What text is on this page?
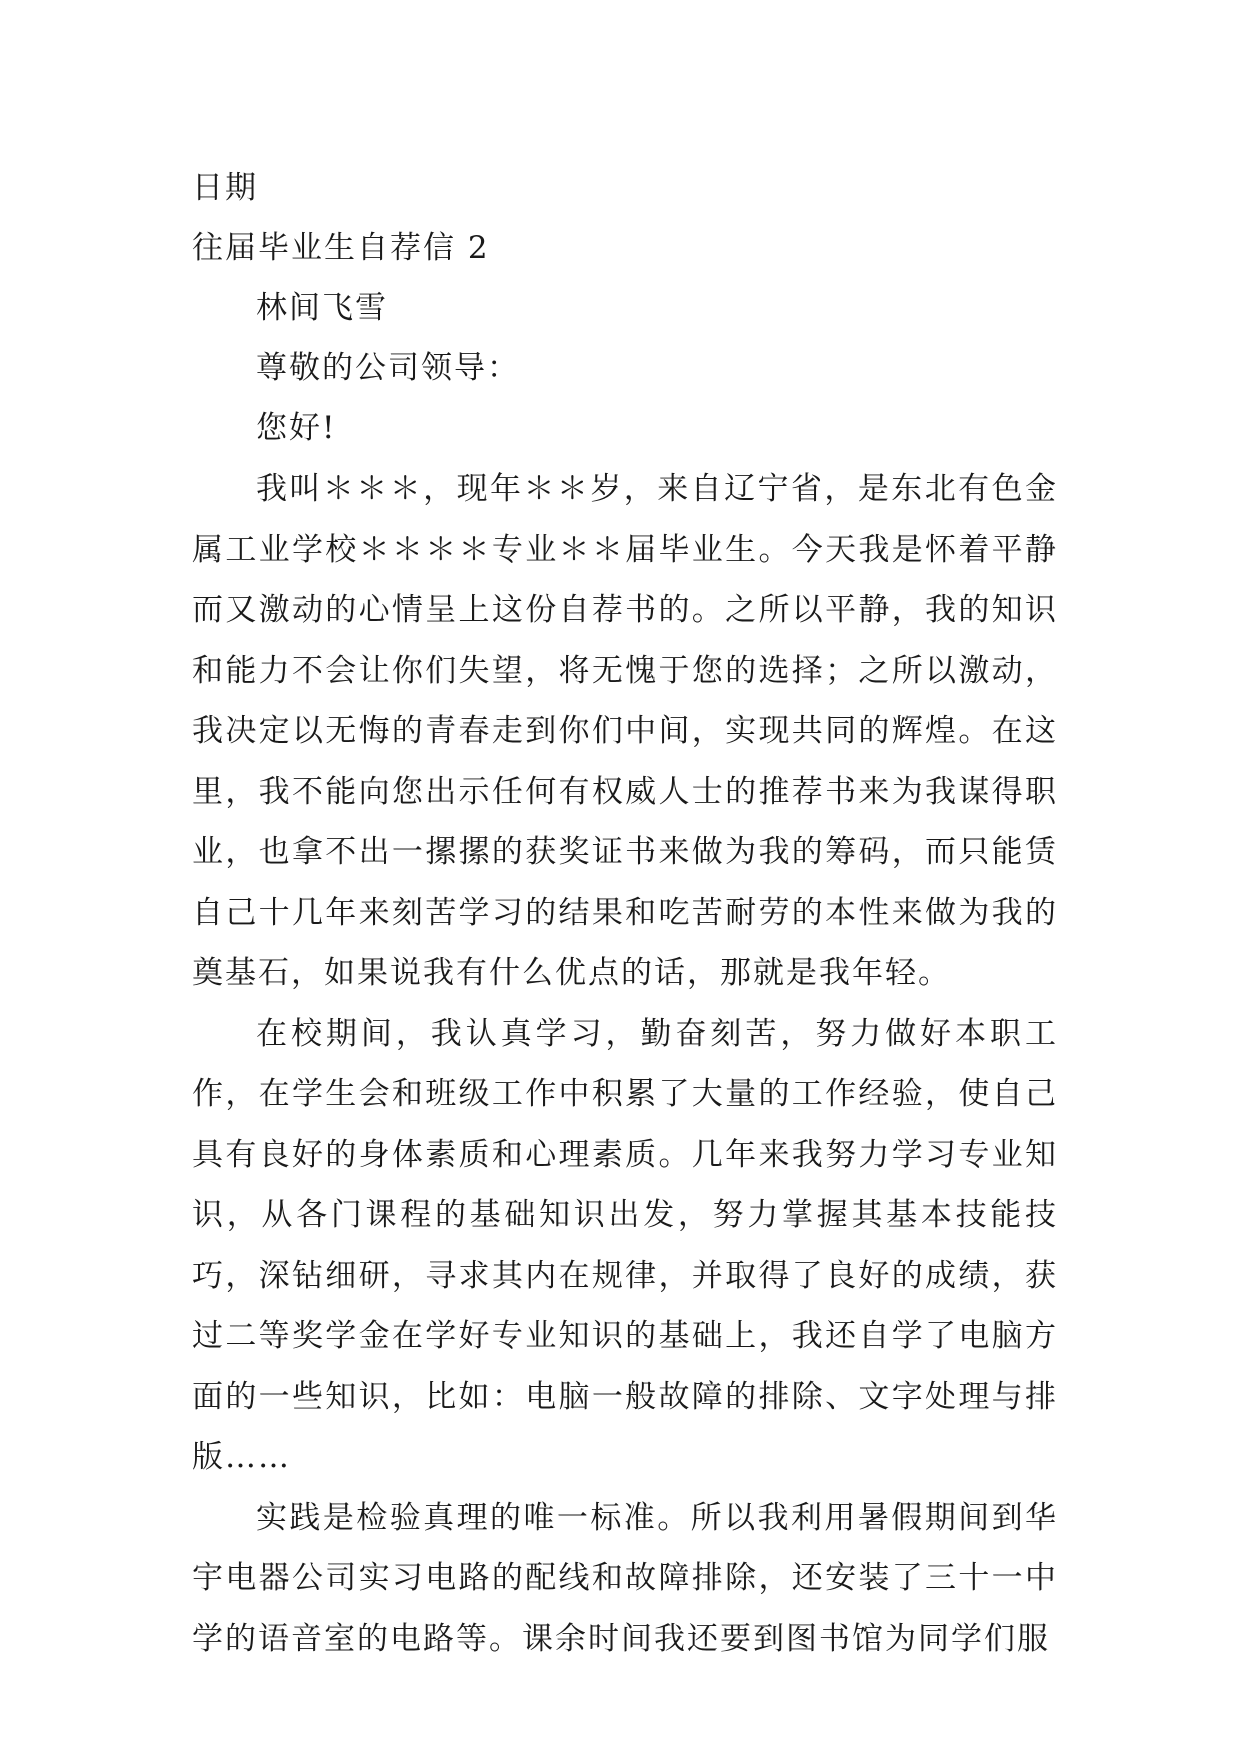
日期
往届毕业生自荐信 2
林间飞雪
尊敬的公司领导：
您好!

我叫＊＊＊，现年＊＊岁，来自辽宁省，是东北有色金属工业学校＊＊＊＊专业＊＊届毕业生。今天我是怀着平静而又激动的心情呈上这份自荐书的。之所以平静，我的知识和能力不会让你们失望，将无愧于您的选择；之所以激动，我决定以无悔的青春走到你们中间，实现共同的辉煌。在这里，我不能向您出示任何有权威人士的推荐书来为我谋得职业，也拿不出一摞摞的获奖证书来做为我的筹码，而只能赁自己十几年来刻苦学习的结果和吃苦耐劳的本性来做为我的奠基石，如果说我有什么优点的话，那就是我年轻。

在校期间，我认真学习，勤奋刻苦，努力做好本职工作，在学生会和班级工作中积累了大量的工作经验，使自己具有良好的身体素质和心理素质。几年来我努力学习专业知识，从各门课程的基础知识出发，努力掌握其基本技能技巧，深钻细研，寻求其内在规律，并取得了良好的成绩，获过二等奖学金在学好专业知识的基础上，我还自学了电脑方面的一些知识，比如：电脑一般故障的排除、文字处理与排版……

实践是检验真理的唯一标准。所以我利用暑假期间到华宇电器公司实习电路的配线和故障排除，还安装了三十一中学的语音室的电路等。课余时间我还要到图书馆为同学们服
